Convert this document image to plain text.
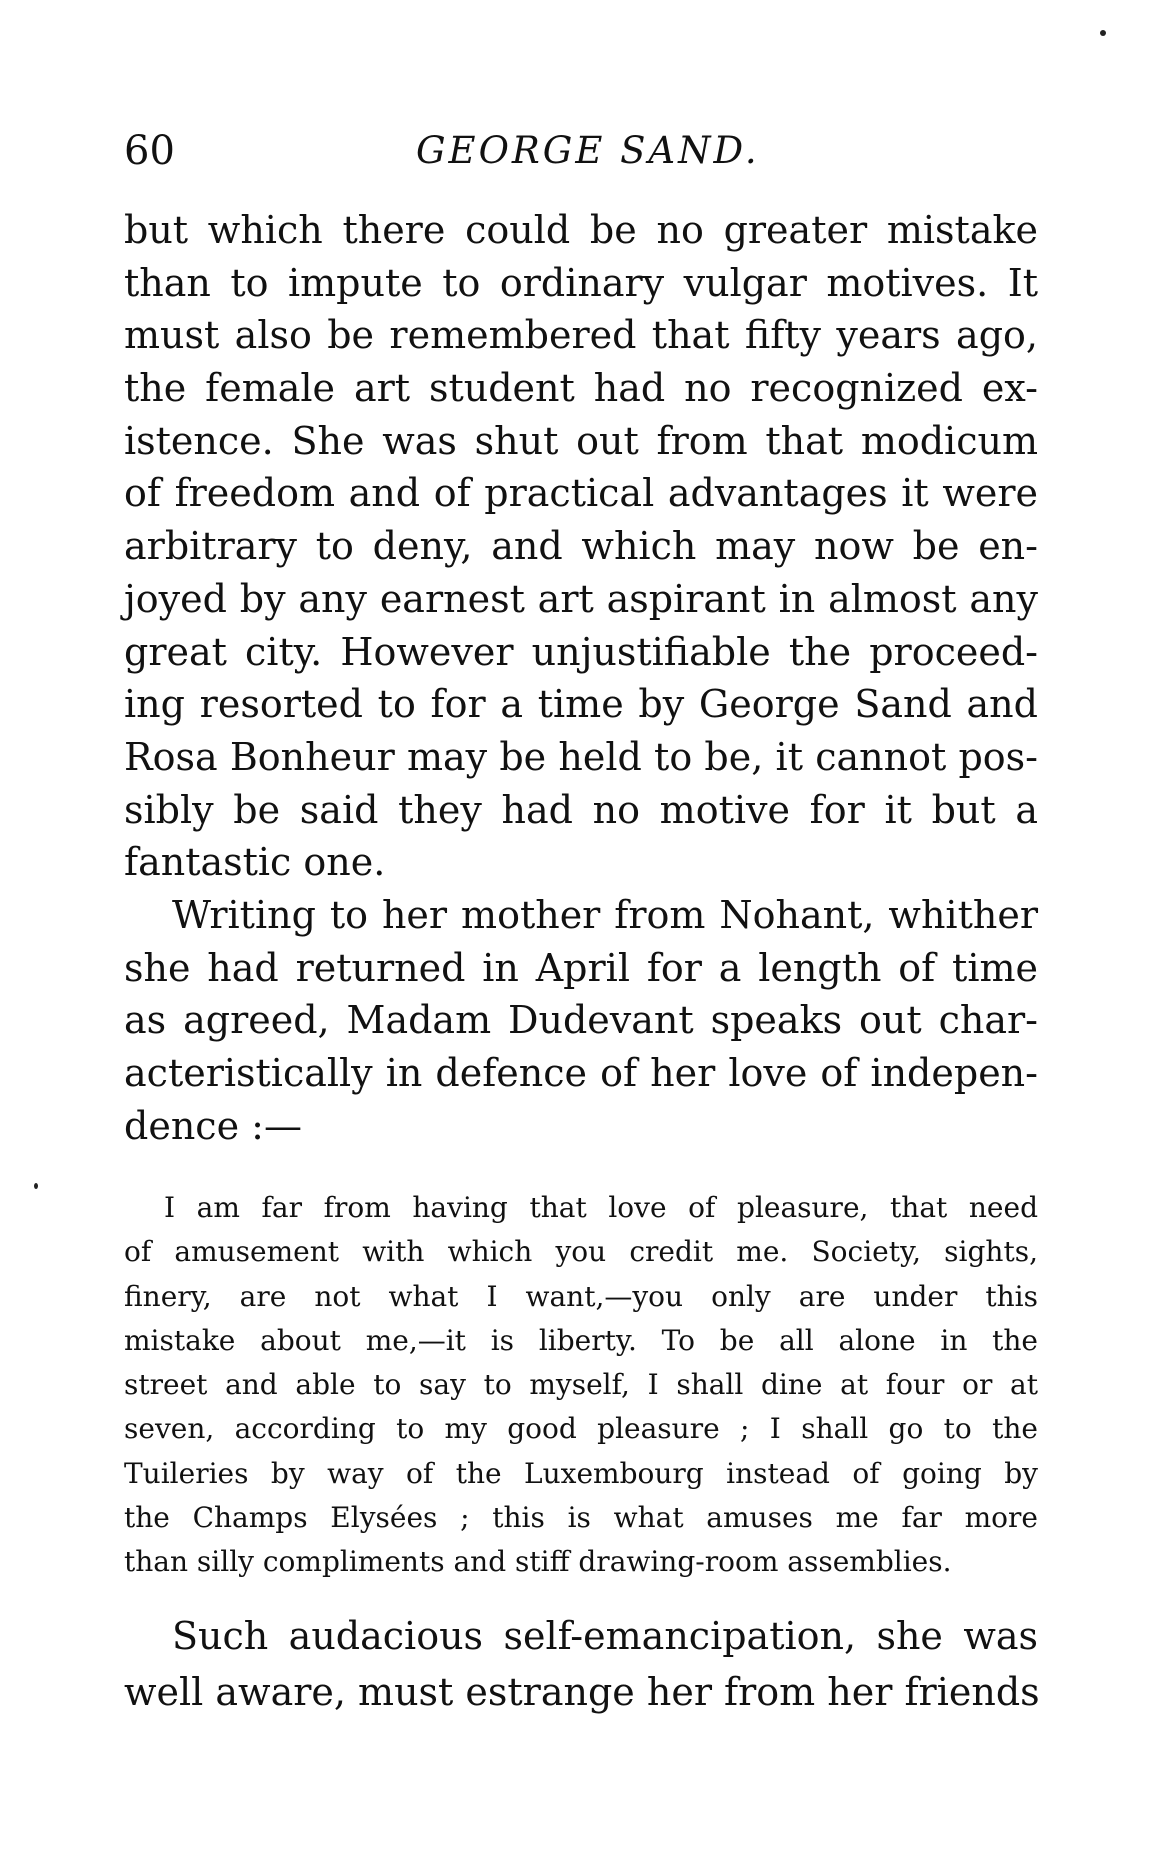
60	GEORGE SAND.
but which there could be no greater mistake
than to impute to ordinary vulgar motives. It
must also be remembered that fifty years ago,
the female art student had no recognized ex-
istence. She was shut out from that modicum
of freedom and of practical advantages it were
arbitrary to deny, and which may now be en-
joyed by any earnest art aspirant in almost any
great city. However unjustifiable the proceed-
ing resorted to for a time by George Sand and
Rosa Bonheur may be held to be, it cannot pos-
sibly be said they had no motive for it but a
fantastic one.
Writing to her mother from Nohant, whither
she had returned in April for a length of time
as agreed, Madam Dudevant speaks out char-
acteristically in defence of her love of indepen-
dence :—
I am far from having that love of pleasure, that need
of amusement with which you credit me. Society, sights,
finery, are not what I want,—you only are under this
mistake about me,—it is liberty. To be all alone in the
street and able to say to myself, I shall dine at four or at
seven, according to my good pleasure ; I shall go to the
Tuileries by way of the Luxembourg instead of going by
the Champs Elysées ; this is what amuses me far more
than silly compliments and stiff drawing-room assemblies.
Such audacious self-emancipation, she was
well aware, must estrange her from her friends
